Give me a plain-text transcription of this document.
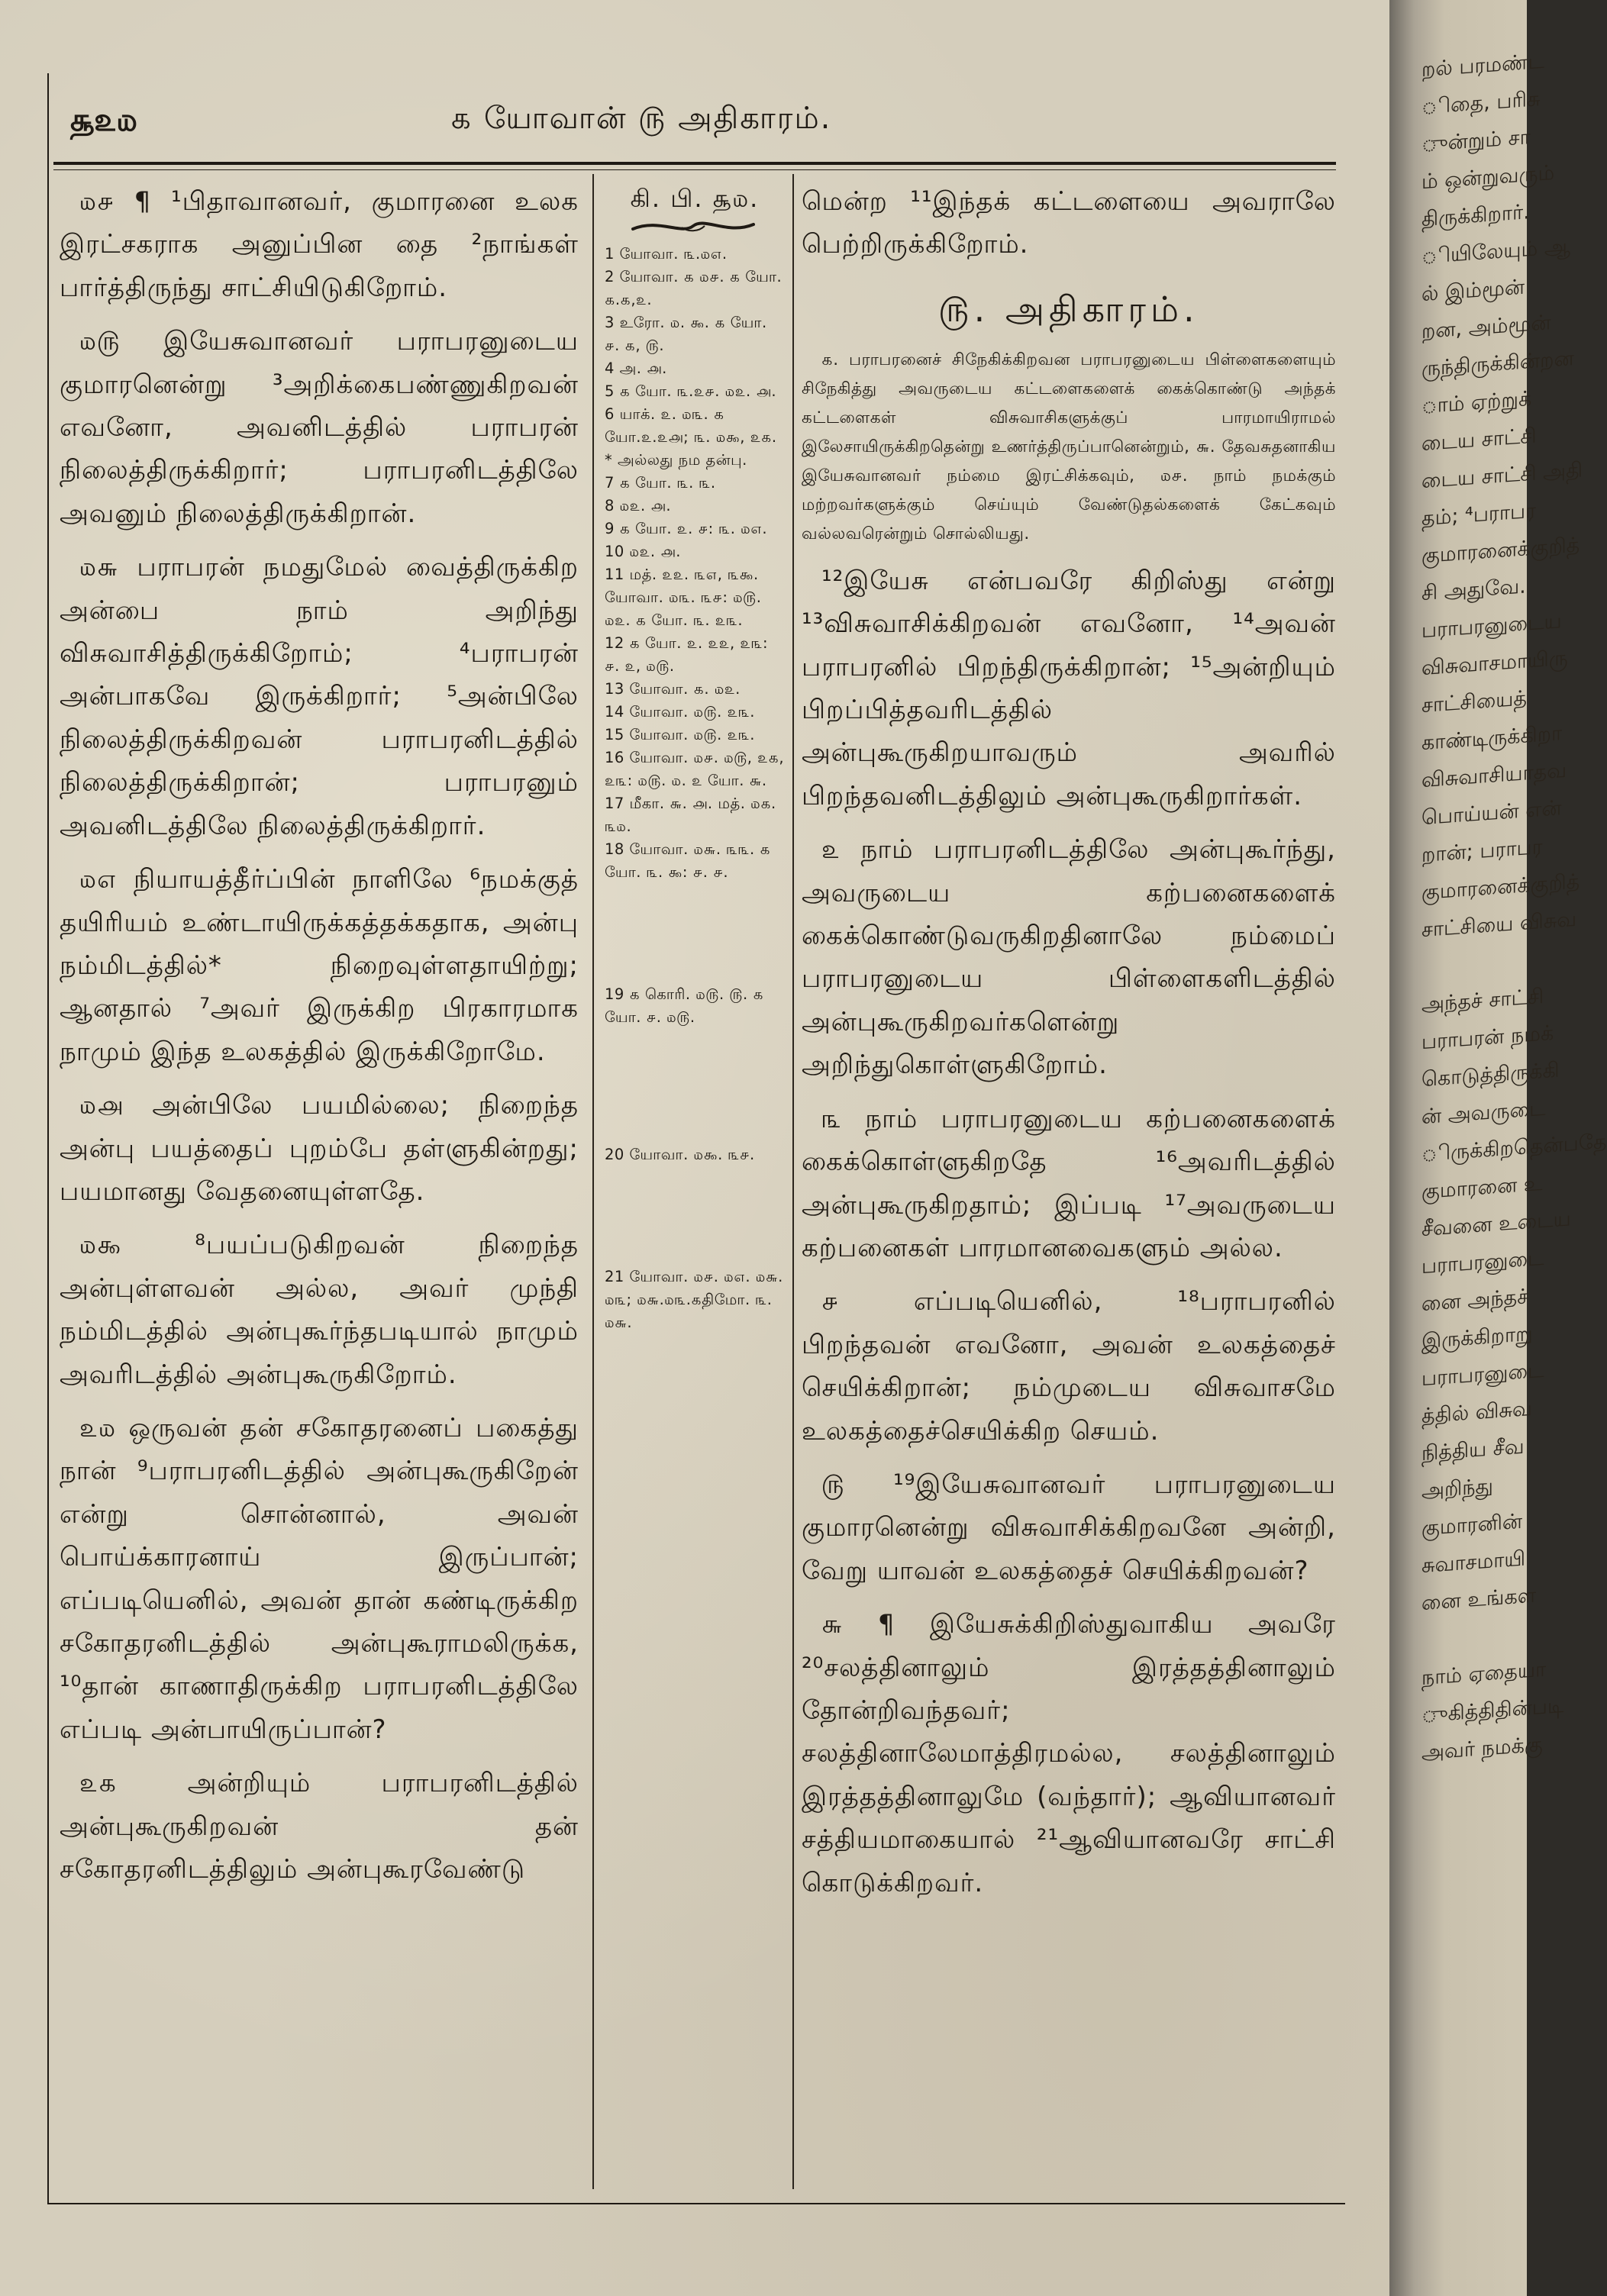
௲௨௰	௧ யோவான் ௫ அதிகாரம்.

௰௪ ¶ ¹பிதாவானவர், குமாரனை உலக இரட்சகராக அனுப்பின தை ²நாங்கள் பார்த்திருந்து சாட்சியிடுகிறோம்.

௰௫ இயேசுவானவர் பராபரனுடைய குமாரனென்று ³அறிக்கைபண்ணுகிறவன் எவனோ, அவனிடத்தில் பராபரன் நிலைத்திருக்கிறார்; பராபரனிடத்திலே அவனும் நிலைத்திருக்கிறான்.

௰௬ பராபரன் நமதுமேல் வைத்திருக்கிற அன்பை நாம் அறிந்து விசுவாசித்திருக்கிறோம்; ⁴பராபரன் அன்பாகவே இருக்கிறார்; ⁵அன்பிலே நிலைத்திருக்கிறவன் பராபரனிடத்தில் நிலைத்திருக்கிறான்; பராபரனும் அவனிடத்திலே நிலைத்திருக்கிறார்.

௰௭ நியாயத்தீர்ப்பின் நாளிலே ⁶நமக்குத் தயிரியம் உண்டாயிருக்கத்தக்கதாக, அன்பு நம்மிடத்தில்* நிறைவுள்ளதாயிற்று; ஆனதால் ⁷அவர் இருக்கிற பிரகாரமாக நாமும் இந்த உலகத்தில் இருக்கிறோமே.

௰௮ அன்பிலே பயமில்லை; நிறைந்த அன்பு பயத்தைப் புறம்பே தள்ளுகின்றது; பயமானது வேதனையுள்ளதே.

௰௯ ⁸பயப்படுகிறவன் நிறைந்த அன்புள்ளவன் அல்ல, அவர் முந்தி நம்மிடத்தில் அன்புகூர்ந்தபடியால் நாமும் அவரிடத்தில் அன்புகூருகிறோம்.

௨௰ ஒருவன் தன் சகோதரனைப் பகைத்து நான் ⁹பராபரனிடத்தில் அன்புகூருகிறேன் என்று சொன்னால், அவன் பொய்க்காரனாய் இருப்பான்; எப்படியெனில், அவன் தான் கண்டிருக்கிற சகோதரனிடத்தில் அன்புகூராமலிருக்க, ¹⁰தான் காணாதிருக்கிற பராபரனிடத்திலே எப்படி அன்பாயிருப்பான்?

௨௧ அன்றியும் பராபரனிடத்தில் அன்புகூருகிறவன் தன் சகோதரனிடத்திலும் அன்புகூரவேண்டு

கி. பி. ௲௰.
1 யோவா. ௩.௰௭.
2 யோவா. ௧ ௰௪. ௧ யோ. ௧.௧,௨.
3 உரோ. ௰. ௯. ௧ யோ. ௪. ௧, ௫.
4 அ. ௮.
5 ௧ யோ. ௩.௨௪. ௰௨. ௮.
6 யாக். ௨. ௰௩. ௧ யோ.௨.௨௮; ௩. ௰௯, ௨௧.
* அல்லது நம தன்பு.
7 ௧ யோ. ௩. ௩.
8 ௰௨. ௮.
9 ௧ யோ. ௨. ௪: ௩. ௰௭.
10 ௰௨. ௮.
11 மத். ௨௨. ௩௭, ௩௯. யோவா. ௰௩. ௩௪: ௰௫. ௰௨. ௧ யோ. ௩. ௨௩.
12 ௧ யோ. ௨. ௨௨, ௨௩: ௪. ௨, ௰௫.
13 யோவா. ௧. ௰௨.
14 யோவா. ௰௫. ௨௩.
15 யோவா. ௰௫. ௨௩.
16 யோவா. ௰௪. ௰௫, ௨௧, ௨௩: ௰௫. ௰. ௨ யோ. ௬.
17 மீகா. ௬. ௮. மத். ௰௧. ௩௰.
18 யோவா. ௰௬. ௩௩. ௧ யோ. ௩. ௯: ௪. ௪.
19 ௧ கொரி. ௰௫. ௫. ௧ யோ. ௪. ௰௫.
20 யோவா. ௰௯. ௩௪.
21 யோவா. ௰௪. ௰௭. ௰௬. ௰௩; ௰௬.௰௩.௧திமோ. ௩. ௰௬.

மென்ற ¹¹இந்தக் கட்டளையை அவராலே பெற்றிருக்கிறோம்.

௫. அதிகாரம்.

௧. பராபரனைச் சிநேகிக்கிறவன பராபரனுடைய பிள்ளைகளையும் சிநேகித்து அவருடைய கட்டளைகளைக் கைக்கொண்டு அந்தக் கட்டளைகள் விசுவாசிகளுக்குப் பாரமாயிராமல் இலேசாயிருக்கிறதென்று உணர்த்திருப்பானென்றும், ௬. தேவசுதனாகிய இயேசுவானவர் நம்மை இரட்சிக்கவும், ௰௪. நாம் நமக்கும் மற்றவர்களுக்கும் செய்யும் வேண்டுதல்களைக் கேட்கவும் வல்லவரென்றும் சொல்லியது.

¹²இயேசு என்பவரே கிறிஸ்து என்று ¹³விசுவாசிக்கிறவன் எவனோ, ¹⁴அவன் பராபரனில் பிறந்திருக்கிறான்; ¹⁵அன்றியும் பிறப்பித்தவரிடத்தில் அன்புகூருகிறயாவரும் அவரில் பிறந்தவனிடத்திலும் அன்புகூருகிறார்கள்.

௨ நாம் பராபரனிடத்திலே அன்புகூர்ந்து, அவருடைய கற்பனைகளைக் கைக்கொண்டுவருகிறதினாலே நம்மைப் பராபரனுடைய பிள்ளைகளிடத்தில் அன்புகூருகிறவர்களென்று அறிந்துகொள்ளுகிறோம்.

௩ நாம் பராபரனுடைய கற்பனைகளைக் கைக்கொள்ளுகிறதே ¹⁶அவரிடத்தில் அன்புகூருகிறதாம்; இப்படி ¹⁷அவருடைய கற்பனைகள் பாரமானவைகளும் அல்ல.

௪ எப்படியெனில், ¹⁸பராபரனில் பிறந்தவன் எவனோ, அவன் உலகத்தைச் செயிக்கிறான்; நம்முடைய விசுவாசமே உலகத்தைச்செயிக்கிற செயம்.

௫ ¹⁹இயேசுவானவர் பராபரனுடைய குமாரனென்று விசுவாசிக்கிறவனே அன்றி, வேறு யாவன் உலகத்தைச் செயிக்கிறவன்?

௬ ¶ இயேசுக்கிறிஸ்துவாகிய அவரே ²⁰சலத்தினாலும் இரத்தத்தினாலும் தோன்றிவந்தவர்; சலத்தினாலேமாத்திரமல்ல, சலத்தினாலும் இரத்தத்தினாலுமே (வந்தார்); ஆவியானவர் சத்தியமாகையால் ²¹ஆவியானவரே சாட்சி கொடுக்கிறவர்.

றல் பரமண்ட
ிதை, பரிசு
ுன்றும் சா
ம் ஒன்றுவரும்
திருக்கிறார்.
ியிலேயும் ஆ
ல் இம்மூன்
றன, அம்மூன்
ருந்திருக்கின்றன
ாம் ஏற்றுக்
டைய சாட்சி
டைய சாட்சி அதி
தம்; ⁴பராபர
குமாரனைக்குறித்
சி அதுவே.
பராபரனுடைய
விசுவாசமாயிரு
சாட்சியைத்
காண்டிருக்கிறா
விசுவாசியாதவ
பொய்யன் என்
றான்; பராபர
குமாரனைக்குறித்
சாட்சியை விசுவ

அந்தச் சாட்சி
பராபரன் நமக்
கொடுத்திருக்கி
ன் அவருடை
ிருக்கிறதென்பதே
குமாரனை உ
சீவனை உடைய
பராபரனுடை
னை அந்தச்
இருக்கிறாறு
பராபரனுடை
த்தில் விசுவ
நித்திய சீவ
அறிந்து
குமாரனின்
சுவாசமாயி
னை உங்கள

நாம் ஏதையா
ுகித்திதின்படி
அவர் நமக்கு
